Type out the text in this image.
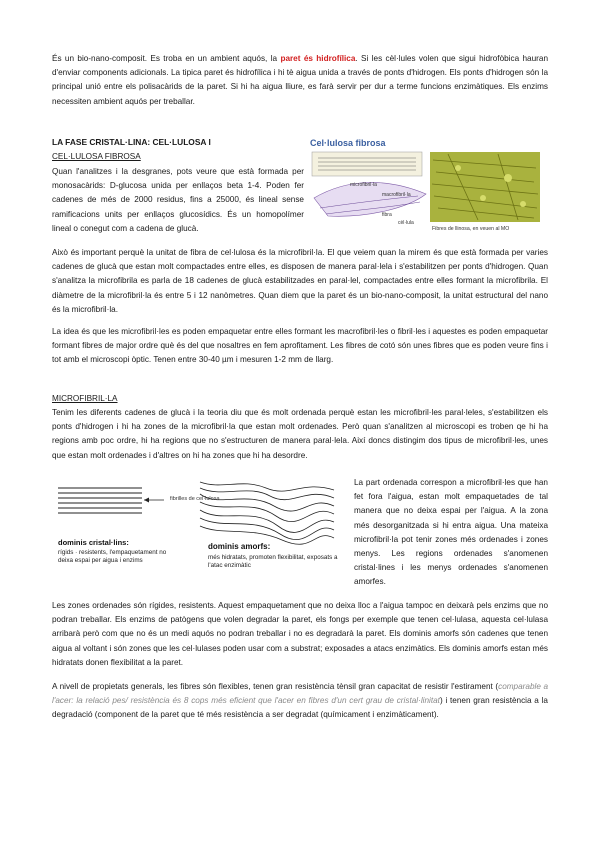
És un bio-nano-composit. Es troba en un ambient aquós, la paret és hidrofílica. Si les cèl·lules volen que sigui hidrofòbica hauran d'enviar components adicionals. La tipica paret és hidrofílica i hi tè aigua unida a través de ponts d'hidrogen. Els ponts d'hidrogen són la principal unió entre els polisacàrids de la paret. Si hi ha aigua lliure, es farà servir per dur a terme funcions enzimàtiques. Els enzims necessiten ambient aquós per treballar.

LA FASE CRISTAL·LINA: CEL·LULOSA I

CEL·LULOSA FIBROSA

Quan l'analitzes i la desgranes, pots veure que està formada per monosacàrids: D-glucosa unida per enllaços beta 1-4. Poden fer cadenes de més de 2000 residus, fins a 25000, és lineal sense ramificacions units per enllaços glucosídics. És un homopolímer lineal o conegut com a cadena de glucà.

Cel·lulosa fibrosa
microfibril·la
macrofibril·la
fibra
cèl·lula
Fibres de llinosa, en veuen al MO

Això és important perquè la unitat de fibra de cel·lulosa és la microfibril·la. El que veiem quan la mirem és que està formada per varies cadenes de glucà que estan molt compactades entre elles, es disposen de manera paral·lela i s'estabilitzen per ponts d'hidrogen. Quan s'analitza la microfibrila es parla de 18 cadenes de glucà estabilitzades en paral·lel, compactades entre elles formant la microfibrila. El diàmetre de la microfibril·la és entre 5 i 12 nanòmetres. Quan diem que la paret és un bio-nano-composit, la unitat estructural del nano és la microfibril·la.

La idea és que les microfibril·les es poden empaquetar entre elles formant les macrofibril·les o fibril·les i aquestes es poden empaquetar formant fibres de major ordre què és del que nosaltres en fem aprofitament. Les fibres de cotó són unes fibres que es poden veure fins i tot amb el microscopi òptic. Tenen entre 30-40 µm i mesuren 1-2 mm de llarg.

MICROFIBRIL·LA

Tenim les diferents cadenes de glucà i la teoria diu que és molt ordenada perquè estan les microfibril·les paral·leles, s'estabilitzen els ponts d'hidrogen i hi ha zones de la microfibril·la que estan molt ordenades. Però quan s'analitzen al microscopi es troben qe hi ha regions amb poc ordre, hi ha regions que no s'estructuren de manera paral·lela. Així doncs distingim dos tipus de microfibril·les, unes que estan molt ordenades i d'altres on hi ha zones que hi ha desordre.

fibrilles de cel·lulosa
dominis cristal·lins:
rígids · resistents, l'empaquetament no deixa espai per aigua i enzims
dominis amorfs:
més hidratats, promoten flexibilitat, exposats a l'atac enzimàtic

La part ordenada correspon a microfibril·les que han fet fora l'aigua, estan molt empaquetades de tal manera que no deixa espai per l'aigua. A la zona més desorganitzada si hi entra aigua. Una mateixa microfibril·la pot tenir zones més ordenades i zones menys. Les regions ordenades s'anomenen cristal·lines i les menys ordenades s'anomenen amorfes.

Les zones ordenades són rígides, resistents. Aquest empaquetament que no deixa lloc a l'aigua tampoc en deixarà pels enzims que no podran treballar. Els enzims de patògens que volen degradar la paret, els fongs per exemple que tenen cel·lulasa, aquesta cel·lulasa arribarà però com que no és un medi aquós no podran treballar i no es degradarà la paret. Els dominis amorfs són cadenes que tenen aigua al voltant i són zones que les cel·lulases poden usar com a substrat; exposades a atacs enzimàtics. Els dominis amorfs estan més hidratats donen flexibilitat a la paret.

A nivell de propietats generals, les fibres són flexibles, tenen gran resistència tènsil gran capacitat de resistir l'estirament (comparable a l'acer: la relació pes/ resistència és 8 cops més eficient que l'acer en fibres d'un cert grau de cristal·linitat) i tenen gran resistència a la degradació (component de la paret que té més resistència a ser degradat (químicament i enzimàticament).
